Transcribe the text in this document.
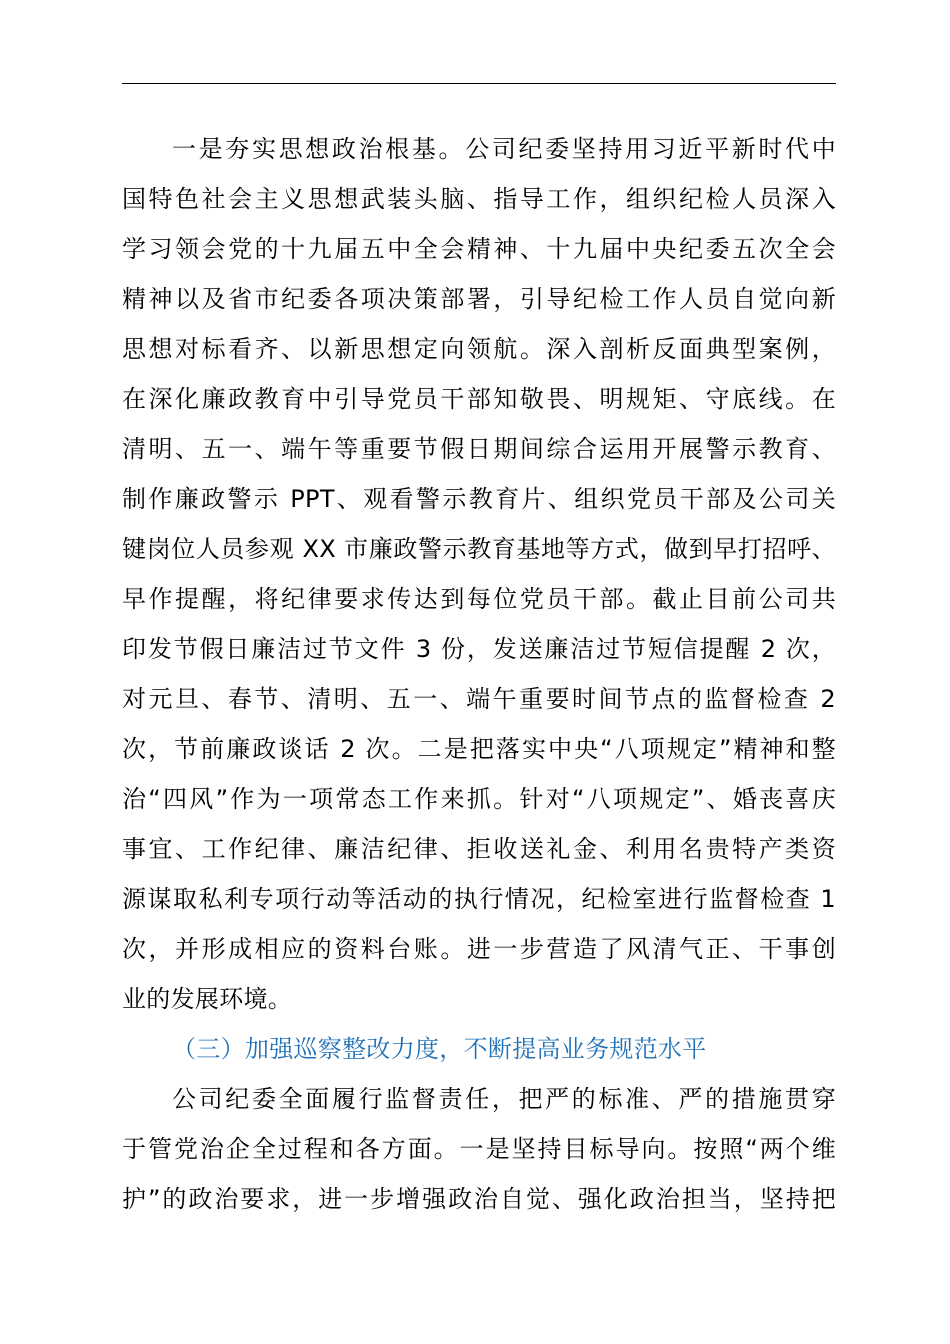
一是夯实思想政治根基。公司纪委坚持用习近平新时代中
国特色社会主义思想武装头脑、指导工作，组织纪检人员深入
学习领会党的十九届五中全会精神、十九届中央纪委五次全会
精神以及省市纪委各项决策部署，引导纪检工作人员自觉向新
思想对标看齐、以新思想定向领航。深入剖析反面典型案例，
在深化廉政教育中引导党员干部知敬畏、明规矩、守底线。在
清明、五一、端午等重要节假日期间综合运用开展警示教育、
制作廉政警示 PPT、观看警示教育片、组织党员干部及公司关
键岗位人员参观 XX 市廉政警示教育基地等方式，做到早打招呼、
早作提醒，将纪律要求传达到每位党员干部。截止目前公司共
印发节假日廉洁过节文件 3 份，发送廉洁过节短信提醒 2 次，
对元旦、春节、清明、五一、端午重要时间节点的监督检查 2
次，节前廉政谈话 2 次。二是把落实中央“八项规定”精神和整
治“四风”作为一项常态工作来抓。针对“八项规定”、婚丧喜庆
事宜、工作纪律、廉洁纪律、拒收送礼金、利用名贵特产类资
源谋取私利专项行动等活动的执行情况，纪检室进行监督检查 1
次，并形成相应的资料台账。进一步营造了风清气正、干事创
业的发展环境。
（三）加强巡察整改力度，不断提高业务规范水平
公司纪委全面履行监督责任，把严的标准、严的措施贯穿
于管党治企全过程和各方面。一是坚持目标导向。按照“两个维
护”的政治要求，进一步增强政治自觉、强化政治担当，坚持把
